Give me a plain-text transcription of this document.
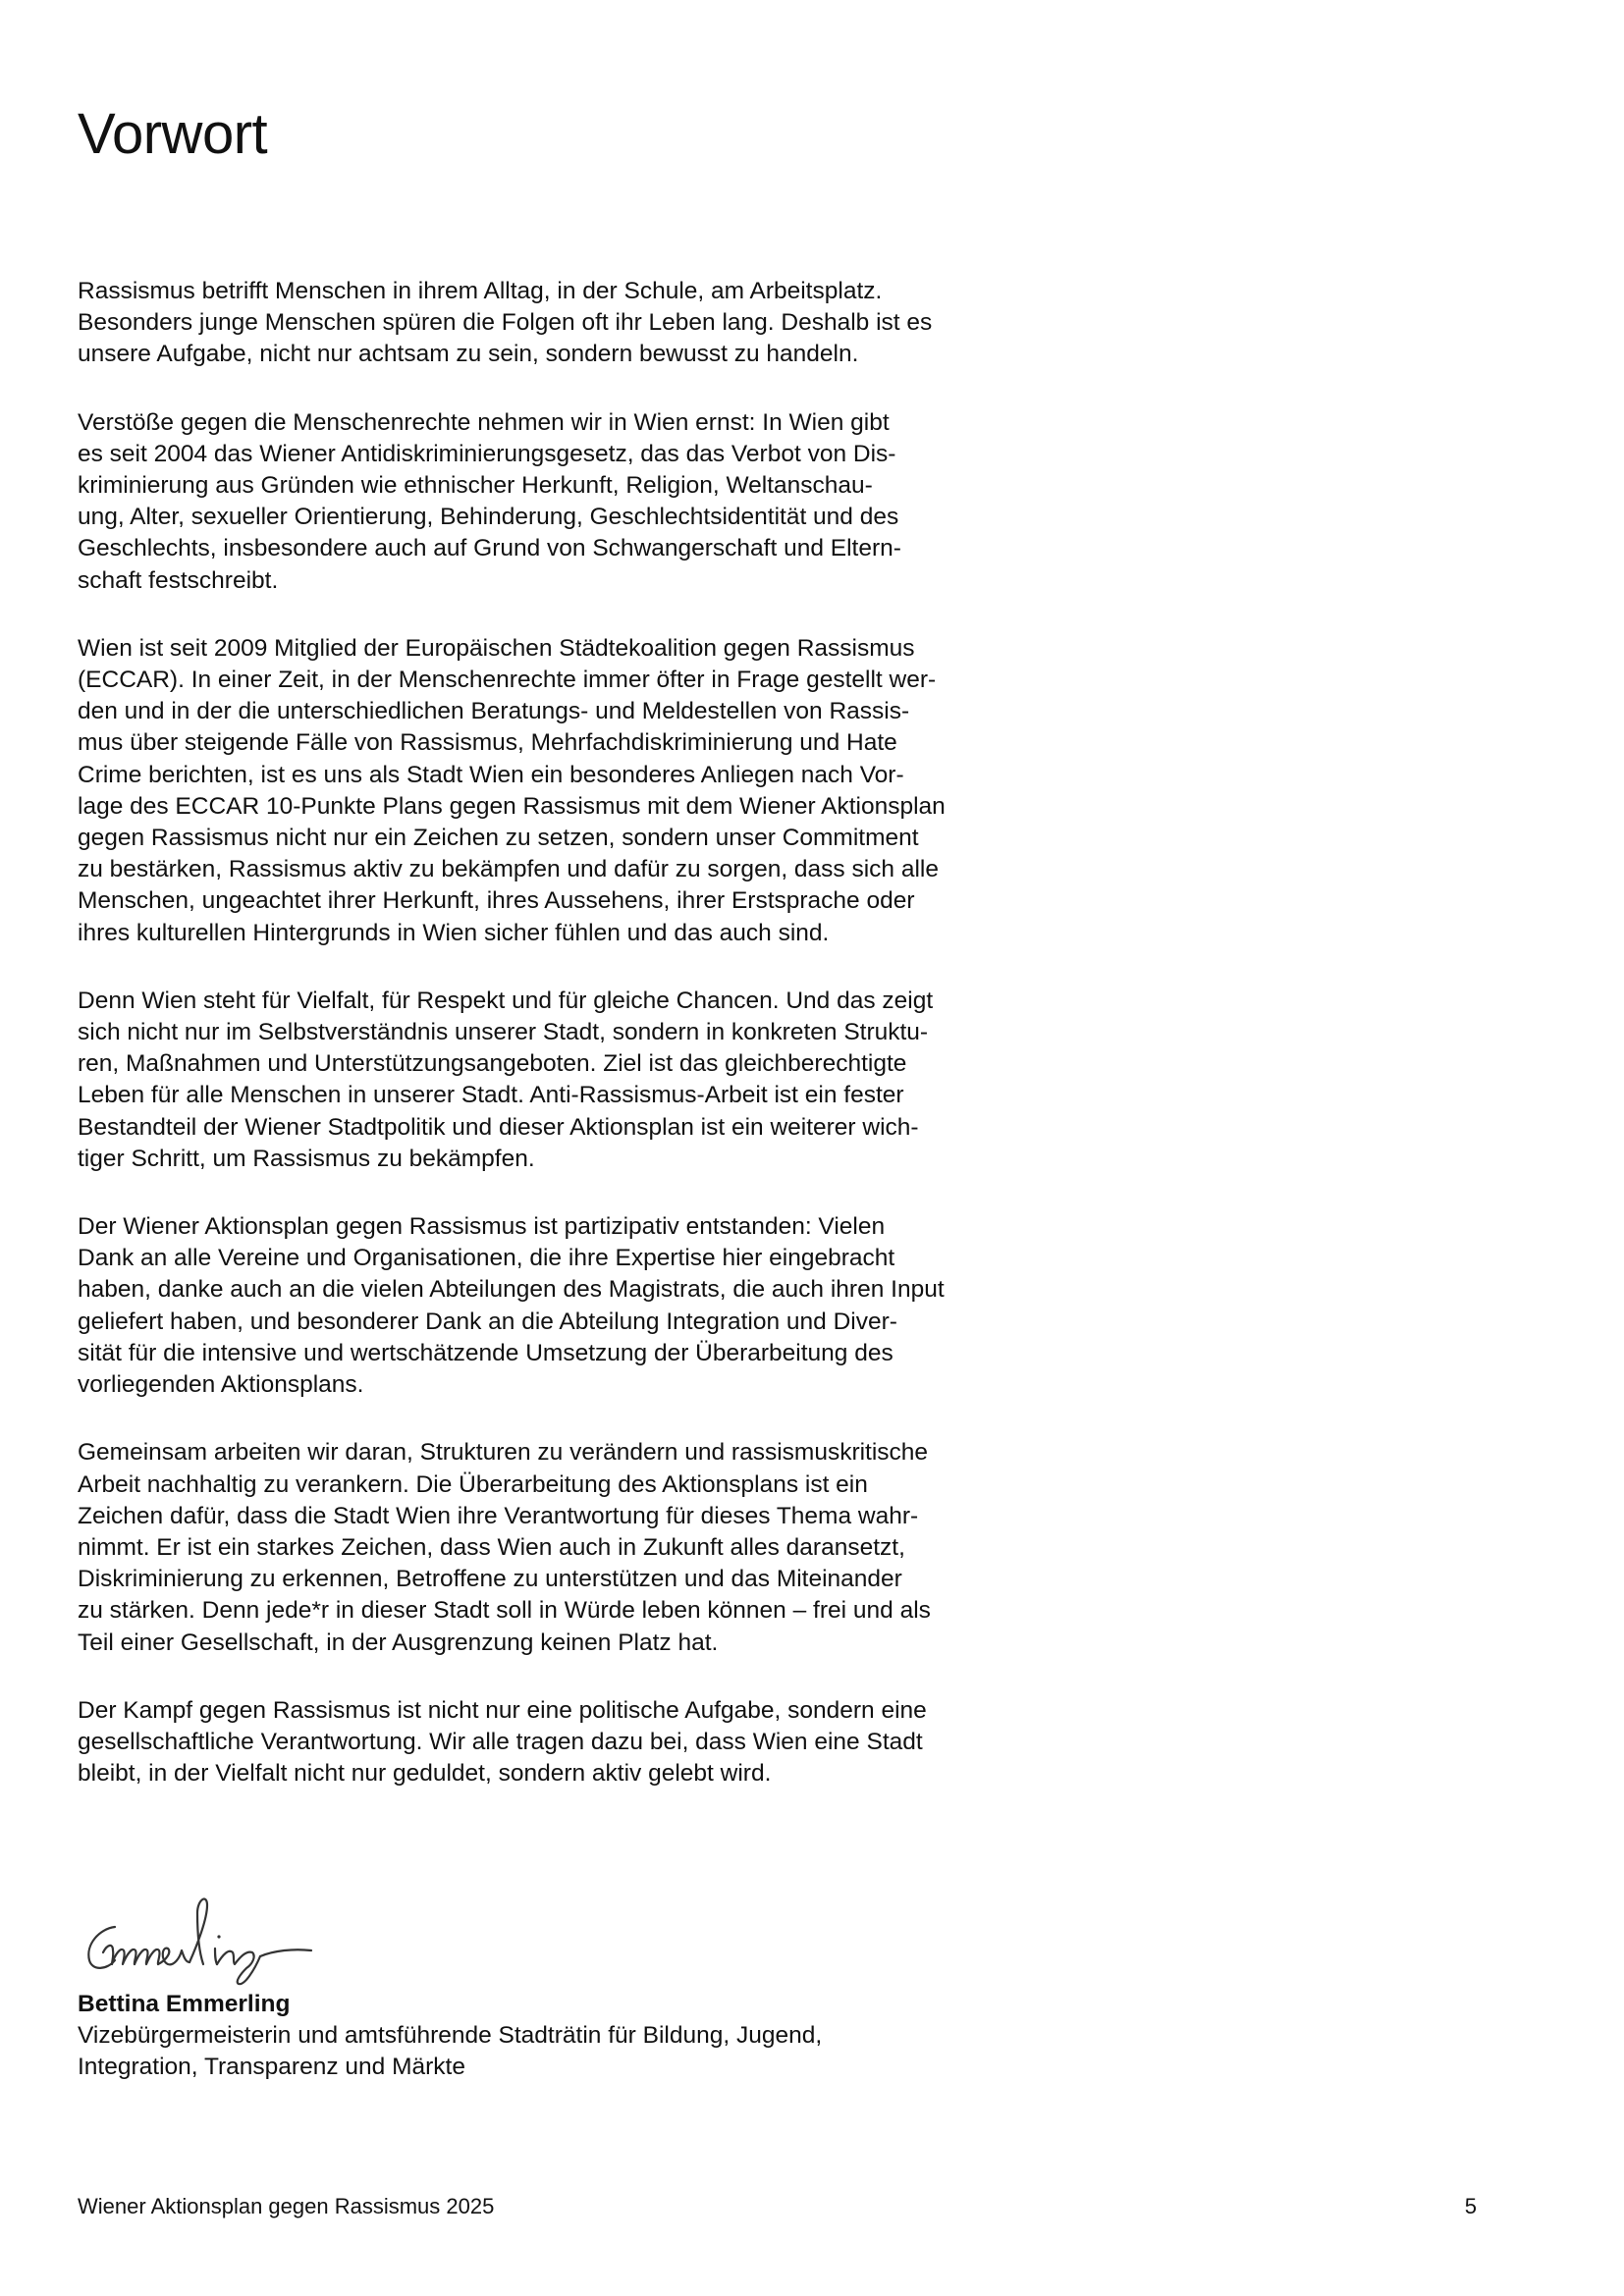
Vorwort

Rassismus betrifft Menschen in ihrem Alltag, in der Schule, am Arbeitsplatz.
Besonders junge Menschen spüren die Folgen oft ihr Leben lang. Deshalb ist es
unsere Aufgabe, nicht nur achtsam zu sein, sondern bewusst zu handeln.

Verstöße gegen die Menschenrechte nehmen wir in Wien ernst: In Wien gibt
es seit 2004 das Wiener Antidiskriminierungsgesetz, das das Verbot von Dis-
kriminierung aus Gründen wie ethnischer Herkunft, Religion, Weltanschau-
ung, Alter, sexueller Orientierung, Behinderung, Geschlechtsidentität und des
Geschlechts, insbesondere auch auf Grund von Schwangerschaft und Eltern-
schaft festschreibt.

Wien ist seit 2009 Mitglied der Europäischen Städtekoalition gegen Rassismus
(ECCAR). In einer Zeit, in der Menschenrechte immer öfter in Frage gestellt wer-
den und in der die unterschiedlichen Beratungs- und Meldestellen von Rassis-
mus über steigende Fälle von Rassismus, Mehrfachdiskriminierung und Hate
Crime berichten, ist es uns als Stadt Wien ein besonderes Anliegen nach Vor-
lage des ECCAR 10-Punkte Plans gegen Rassismus mit dem Wiener Aktionsplan
gegen Rassismus nicht nur ein Zeichen zu setzen, sondern unser Commitment
zu bestärken, Rassismus aktiv zu bekämpfen und dafür zu sorgen, dass sich alle
Menschen, ungeachtet ihrer Herkunft, ihres Aussehens, ihrer Erstsprache oder
ihres kulturellen Hintergrunds in Wien sicher fühlen und das auch sind.

Denn Wien steht für Vielfalt, für Respekt und für gleiche Chancen. Und das zeigt
sich nicht nur im Selbstverständnis unserer Stadt, sondern in konkreten Struktu-
ren, Maßnahmen und Unterstützungsangeboten. Ziel ist das gleichberechtigte
Leben für alle Menschen in unserer Stadt. Anti-Rassismus-Arbeit ist ein fester
Bestandteil der Wiener Stadtpolitik und dieser Aktionsplan ist ein weiterer wich-
tiger Schritt, um Rassismus zu bekämpfen.

Der Wiener Aktionsplan gegen Rassismus ist partizipativ entstanden: Vielen
Dank an alle Vereine und Organisationen, die ihre Expertise hier eingebracht
haben, danke auch an die vielen Abteilungen des Magistrats, die auch ihren Input
geliefert haben, und besonderer Dank an die Abteilung Integration und Diver-
sität für die intensive und wertschätzende Umsetzung der Überarbeitung des
vorliegenden Aktionsplans.

Gemeinsam arbeiten wir daran, Strukturen zu verändern und rassismuskritische
Arbeit nachhaltig zu verankern. Die Überarbeitung des Aktionsplans ist ein
Zeichen dafür, dass die Stadt Wien ihre Verantwortung für dieses Thema wahr-
nimmt. Er ist ein starkes Zeichen, dass Wien auch in Zukunft alles daransetzt,
Diskriminierung zu erkennen, Betroffene zu unterstützen und das Miteinander
zu stärken. Denn jede*r in dieser Stadt soll in Würde leben können – frei und als
Teil einer Gesellschaft, in der Ausgrenzung keinen Platz hat.

Der Kampf gegen Rassismus ist nicht nur eine politische Aufgabe, sondern eine
gesellschaftliche Verantwortung. Wir alle tragen dazu bei, dass Wien eine Stadt
bleibt, in der Vielfalt nicht nur geduldet, sondern aktiv gelebt wird.

Bettina Emmerling

Vizebürgermeisterin und amtsführende Stadträtin für Bildung, Jugend,
Integration, Transparenz und Märkte

Wiener Aktionsplan gegen Rassismus 2025	5
